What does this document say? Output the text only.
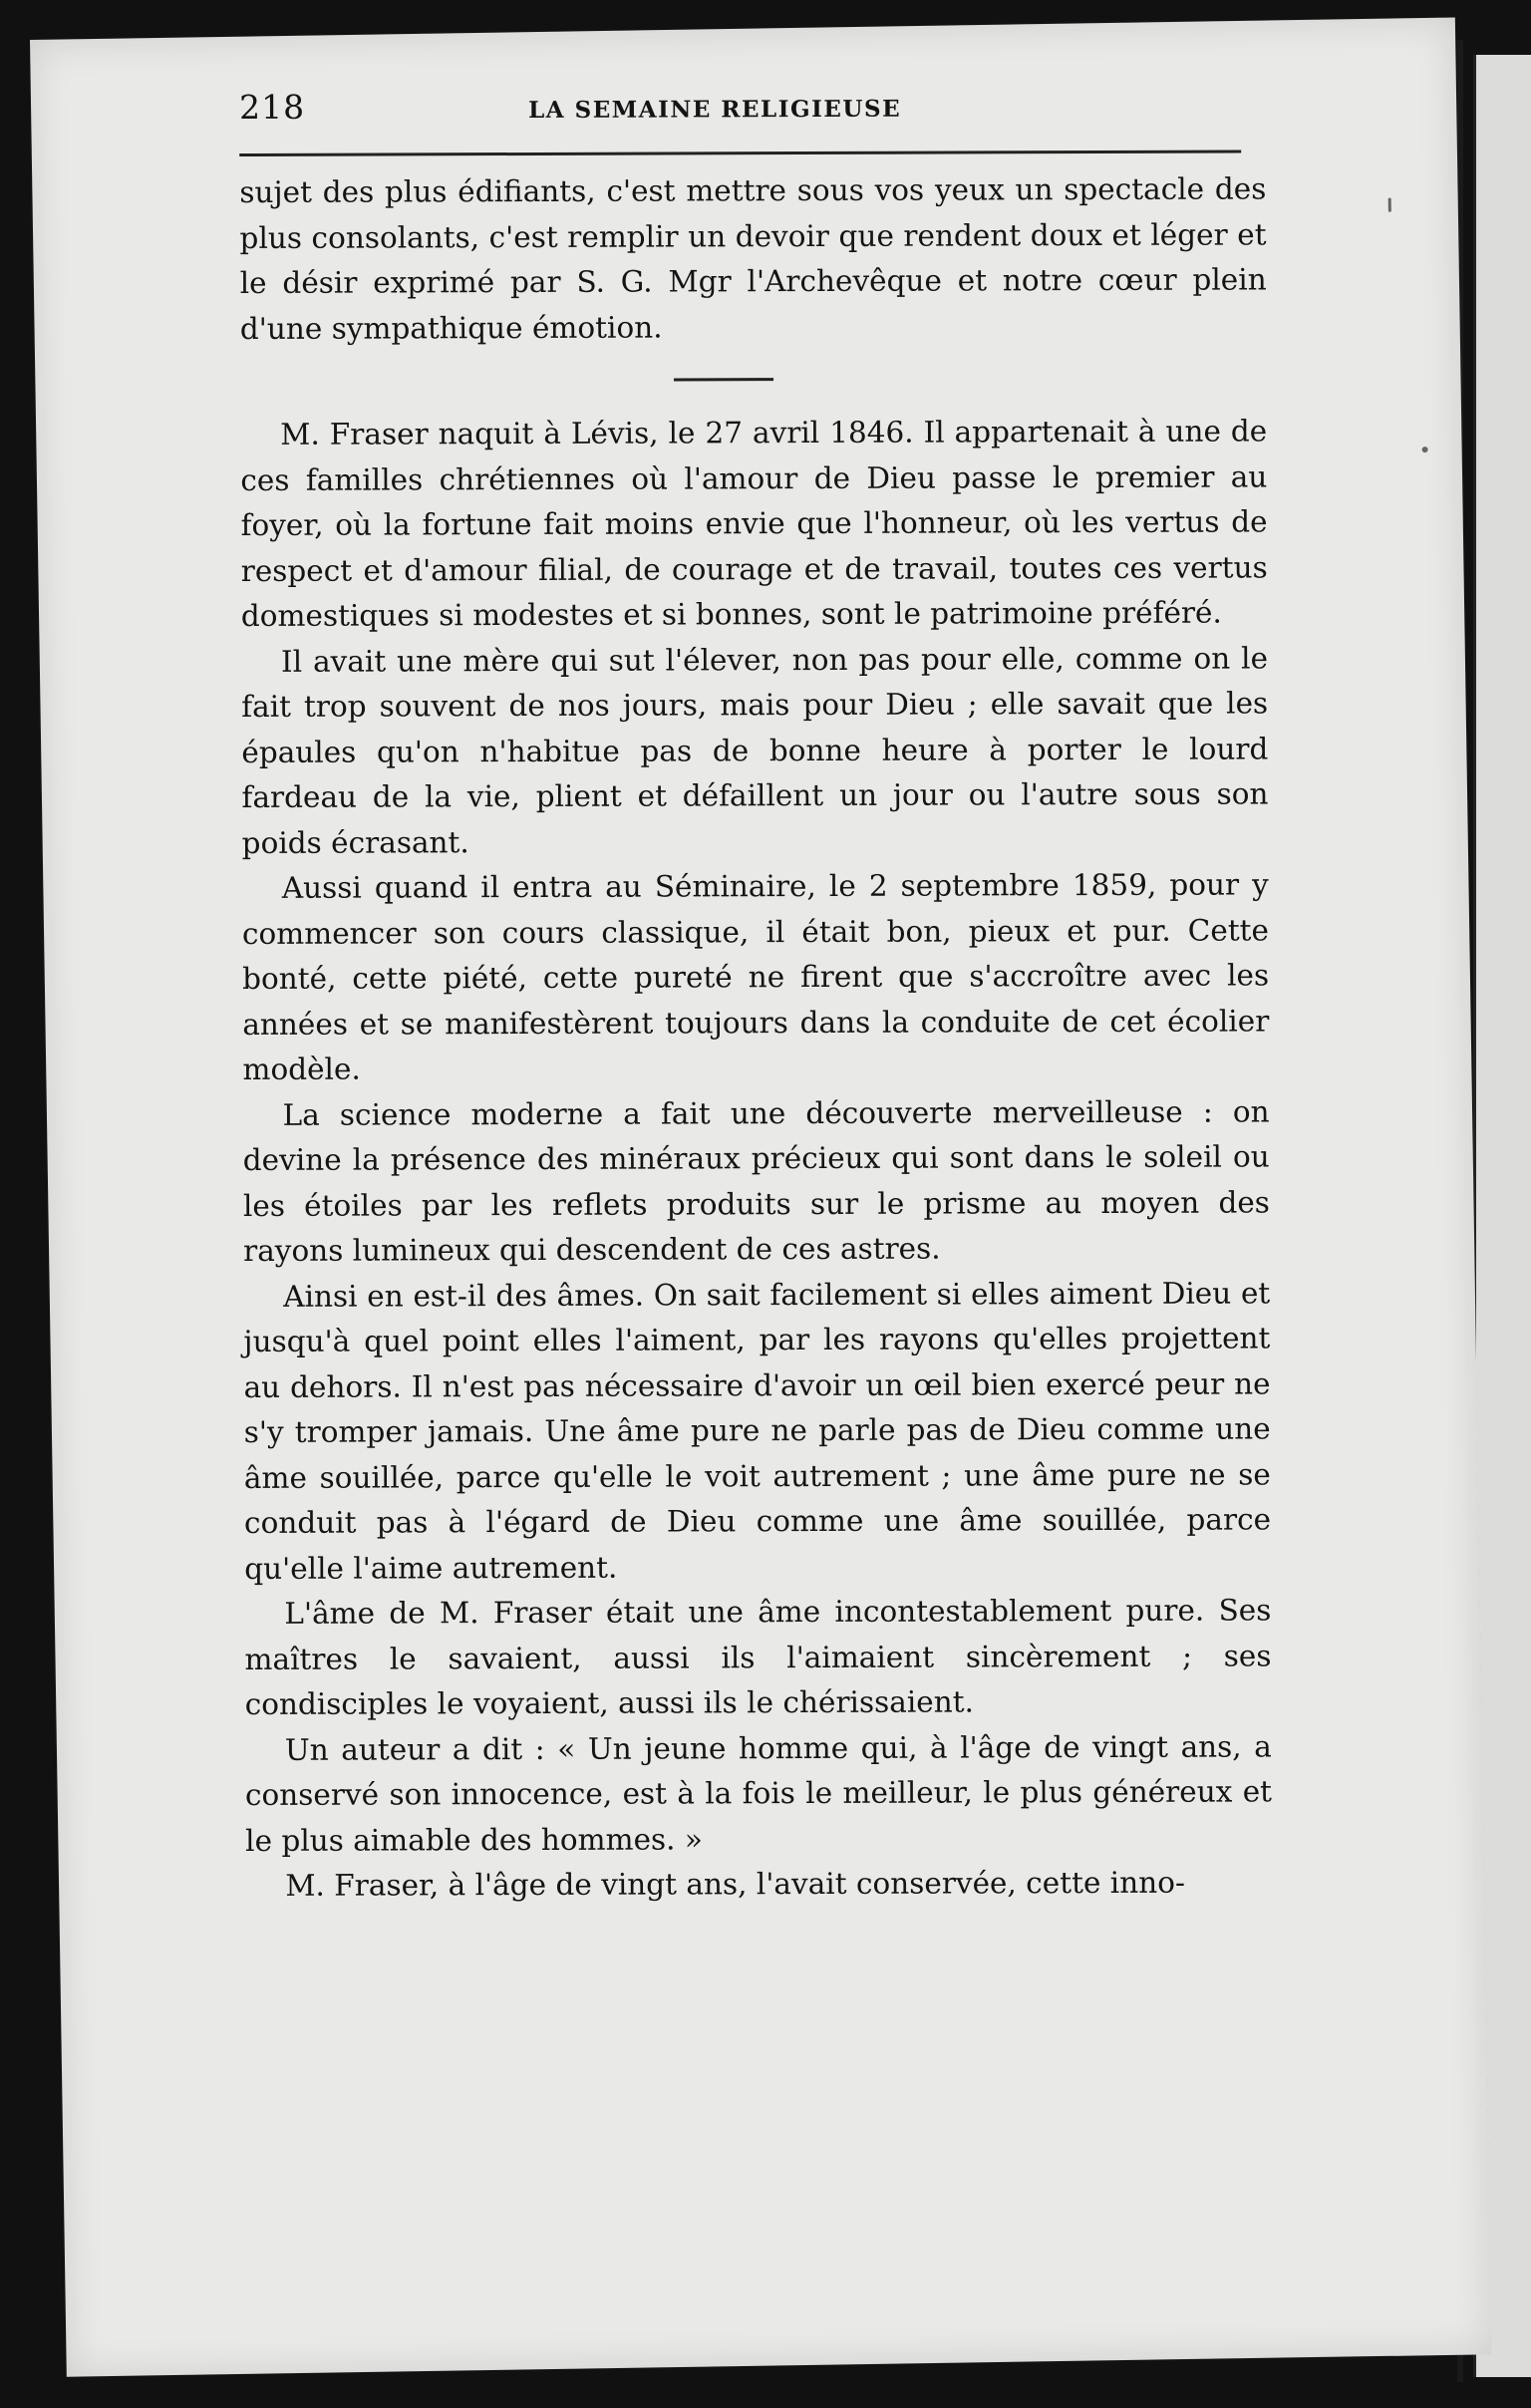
218	LA SEMAINE RELIGIEUSE

sujet des plus édifiants, c'est mettre sous vos yeux un spectacle des plus consolants, c'est remplir un devoir que rendent doux et léger et le désir exprimé par S. G. Mgr l'Archevêque et notre cœur plein d'une sympathique émotion.

M. Fraser naquit à Lévis, le 27 avril 1846. Il appartenait à une de ces familles chrétiennes où l'amour de Dieu passe le premier au foyer, où la fortune fait moins envie que l'honneur, où les vertus de respect et d'amour filial, de courage et de travail, toutes ces vertus domestiques si modestes et si bonnes, sont le patrimoine préféré.

Il avait une mère qui sut l'élever, non pas pour elle, comme on le fait trop souvent de nos jours, mais pour Dieu ; elle savait que les épaules qu'on n'habitue pas de bonne heure à porter le lourd fardeau de la vie, plient et défaillent un jour ou l'autre sous son poids écrasant.

Aussi quand il entra au Séminaire, le 2 septembre 1859, pour y commencer son cours classique, il était bon, pieux et pur. Cette bonté, cette piété, cette pureté ne firent que s'accroître avec les années et se manifestèrent toujours dans la conduite de cet écolier modèle.

La science moderne a fait une découverte merveilleuse : on devine la présence des minéraux précieux qui sont dans le soleil ou les étoiles par les reflets produits sur le prisme au moyen des rayons lumineux qui descendent de ces astres.

Ainsi en est-il des âmes. On sait facilement si elles aiment Dieu et jusqu'à quel point elles l'aiment, par les rayons qu'elles projettent au dehors. Il n'est pas nécessaire d'avoir un œil bien exercé peur ne s'y tromper jamais. Une âme pure ne parle pas de Dieu comme une âme souillée, parce qu'elle le voit autrement ; une âme pure ne se conduit pas à l'égard de Dieu comme une âme souillée, parce qu'elle l'aime autrement.

L'âme de M. Fraser était une âme incontestablement pure. Ses maîtres le savaient, aussi ils l'aimaient sincèrement ; ses condisciples le voyaient, aussi ils le chérissaient.

Un auteur a dit : « Un jeune homme qui, à l'âge de vingt ans, a conservé son innocence, est à la fois le meilleur, le plus généreux et le plus aimable des hommes. »

M. Fraser, à l'âge de vingt ans, l'avait conservée, cette inno-
